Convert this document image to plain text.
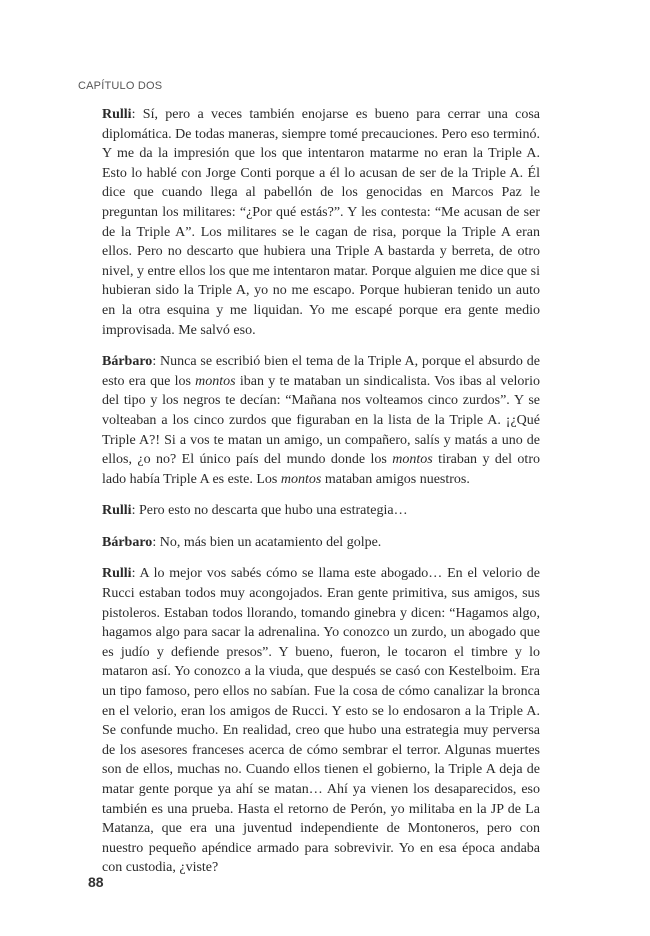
CAPÍTULO DOS

Rulli: Sí, pero a veces también enojarse es bueno para cerrar una cosa diplomática. De todas maneras, siempre tomé precauciones. Pero eso terminó. Y me da la impresión que los que intentaron matarme no eran la Triple A. Esto lo hablé con Jorge Conti porque a él lo acusan de ser de la Triple A. Él dice que cuando llega al pabellón de los genocidas en Marcos Paz le preguntan los militares: “¿Por qué estás?”. Y les contesta: “Me acusan de ser de la Triple A”. Los militares se le cagan de risa, porque la Triple A eran ellos. Pero no descarto que hubiera una Triple A bastarda y berreta, de otro nivel, y entre ellos los que me intentaron matar. Porque alguien me dice que si hubieran sido la Triple A, yo no me escapo. Porque hubieran tenido un auto en la otra esquina y me liquidan. Yo me escapé porque era gente medio improvisada. Me salvó eso.

Bárbaro: Nunca se escribió bien el tema de la Triple A, porque el absurdo de esto era que los montos iban y te mataban un sindicalista. Vos ibas al velorio del tipo y los negros te decían: “Mañana nos volteamos cinco zurdos”. Y se volteaban a los cinco zurdos que figuraban en la lista de la Triple A. ¡¿Qué Triple A?! Si a vos te matan un amigo, un compañero, salís y matás a uno de ellos, ¿o no? El único país del mundo donde los montos tiraban y del otro lado había Triple A es este. Los montos mataban amigos nuestros.

Rulli: Pero esto no descarta que hubo una estrategia…

Bárbaro: No, más bien un acatamiento del golpe.

Rulli: A lo mejor vos sabés cómo se llama este abogado… En el velorio de Rucci estaban todos muy acongojados. Eran gente primitiva, sus amigos, sus pistoleros. Estaban todos llorando, tomando ginebra y dicen: “Hagamos algo, hagamos algo para sacar la adrenalina. Yo conozco un zurdo, un abogado que es judío y defiende presos”. Y bueno, fueron, le tocaron el timbre y lo mataron así. Yo conozco a la viuda, que después se casó con Kestelboim. Era un tipo famoso, pero ellos no sabían. Fue la cosa de cómo canalizar la bronca en el velorio, eran los amigos de Rucci. Y esto se lo endosaron a la Triple A. Se confunde mucho. En realidad, creo que hubo una estrategia muy perversa de los asesores franceses acerca de cómo sembrar el terror. Algunas muertes son de ellos, muchas no. Cuando ellos tienen el gobierno, la Triple A deja de matar gente porque ya ahí se matan… Ahí ya vienen los desaparecidos, eso también es una prueba. Hasta el retorno de Perón, yo militaba en la JP de La Matanza, que era una juventud independiente de Montoneros, pero con nuestro pequeño apéndice armado para sobrevivir. Yo en esa época andaba con custodia, ¿viste?

88
